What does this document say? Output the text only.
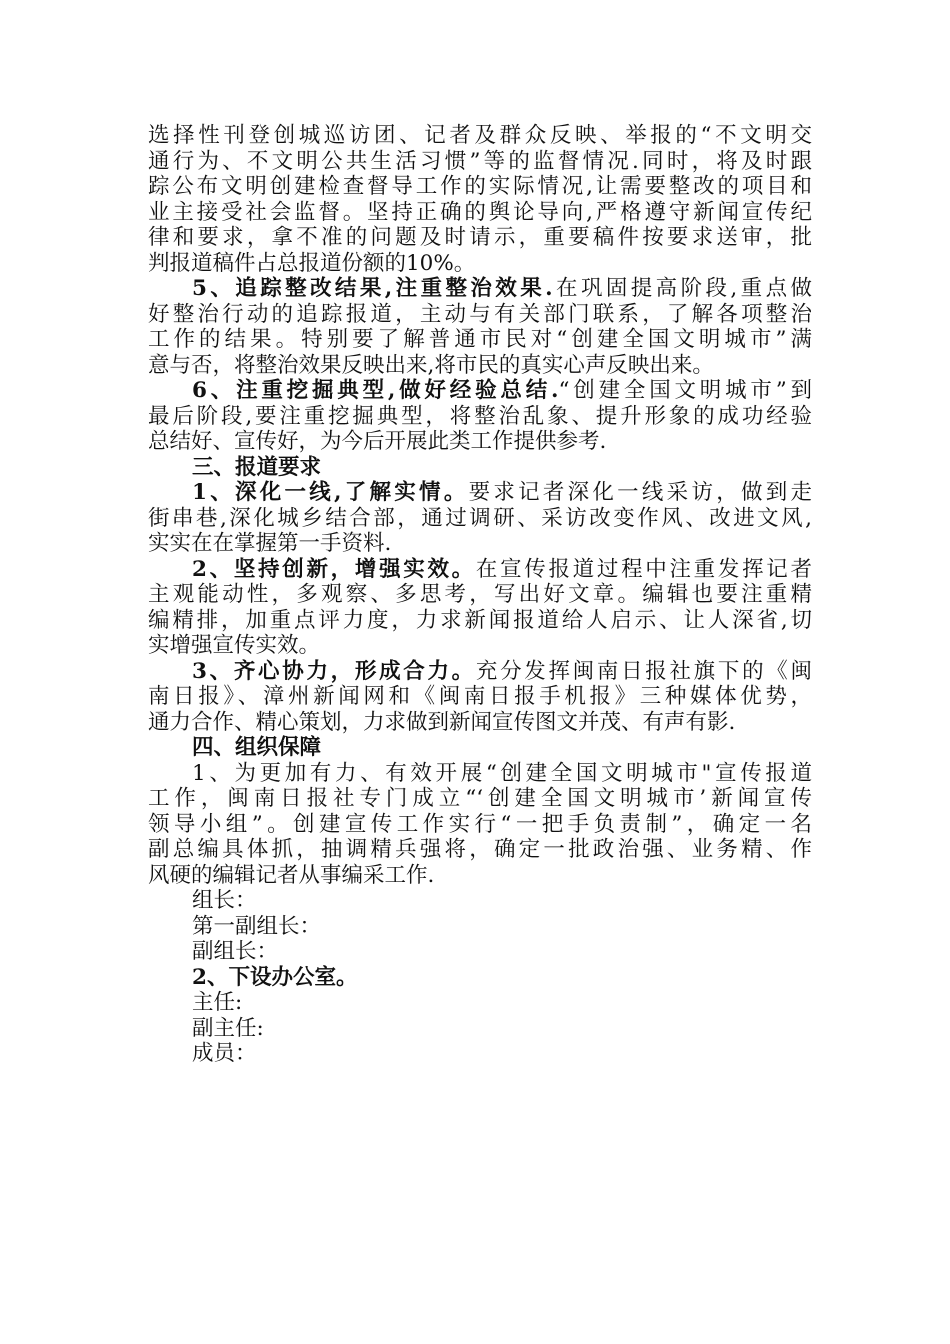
选择性刊登创城巡访团、记者及群众反映、举报的“不文明交
通行为、不文明公共生活习惯”等的监督情况.同时，将及时跟
踪公布文明创建检查督导工作的实际情况,让需要整改的项目和
业主接受社会监督。坚持正确的舆论导向,严格遵守新闻宣传纪
律和要求，拿不准的问题及时请示，重要稿件按要求送审，批
判报道稿件占总报道份额的10%。
5、追踪整改结果,注重整治效果.在巩固提高阶段,重点做
好整治行动的追踪报道，主动与有关部门联系，了解各项整治
工作的结果。特别要了解普通市民对“创建全国文明城市”满
意与否，将整治效果反映出来,将市民的真实心声反映出来。
6、注重挖掘典型,做好经验总结.“创建全国文明城市”到
最后阶段,要注重挖掘典型，将整治乱象、提升形象的成功经验
总结好、宣传好，为今后开展此类工作提供参考.
三、报道要求
1、深化一线,了解实情。要求记者深化一线采访，做到走
街串巷,深化城乡结合部，通过调研、采访改变作风、改进文风,
实实在在掌握第一手资料.
2、坚持创新，增强实效。在宣传报道过程中注重发挥记者
主观能动性，多观察、多思考，写出好文章。编辑也要注重精
编精排，加重点评力度，力求新闻报道给人启示、让人深省,切
实增强宣传实效。
3、齐心协力，形成合力。充分发挥闽南日报社旗下的《闽
南日报》、漳州新闻网和《闽南日报手机报》三种媒体优势，
通力合作、精心策划，力求做到新闻宣传图文并茂、有声有影.
四、组织保障
1、为更加有力、有效开展“创建全国文明城市"宣传报道
工作，闽南日报社专门成立“‘创建全国文明城市’新闻宣传
领导小组”。创建宣传工作实行“一把手负责制”，确定一名
副总编具体抓，抽调精兵强将，确定一批政治强、业务精、作
风硬的编辑记者从事编采工作.
组长：
第一副组长：
副组长：
2、下设办公室。
主任:
副主任:
成员：
